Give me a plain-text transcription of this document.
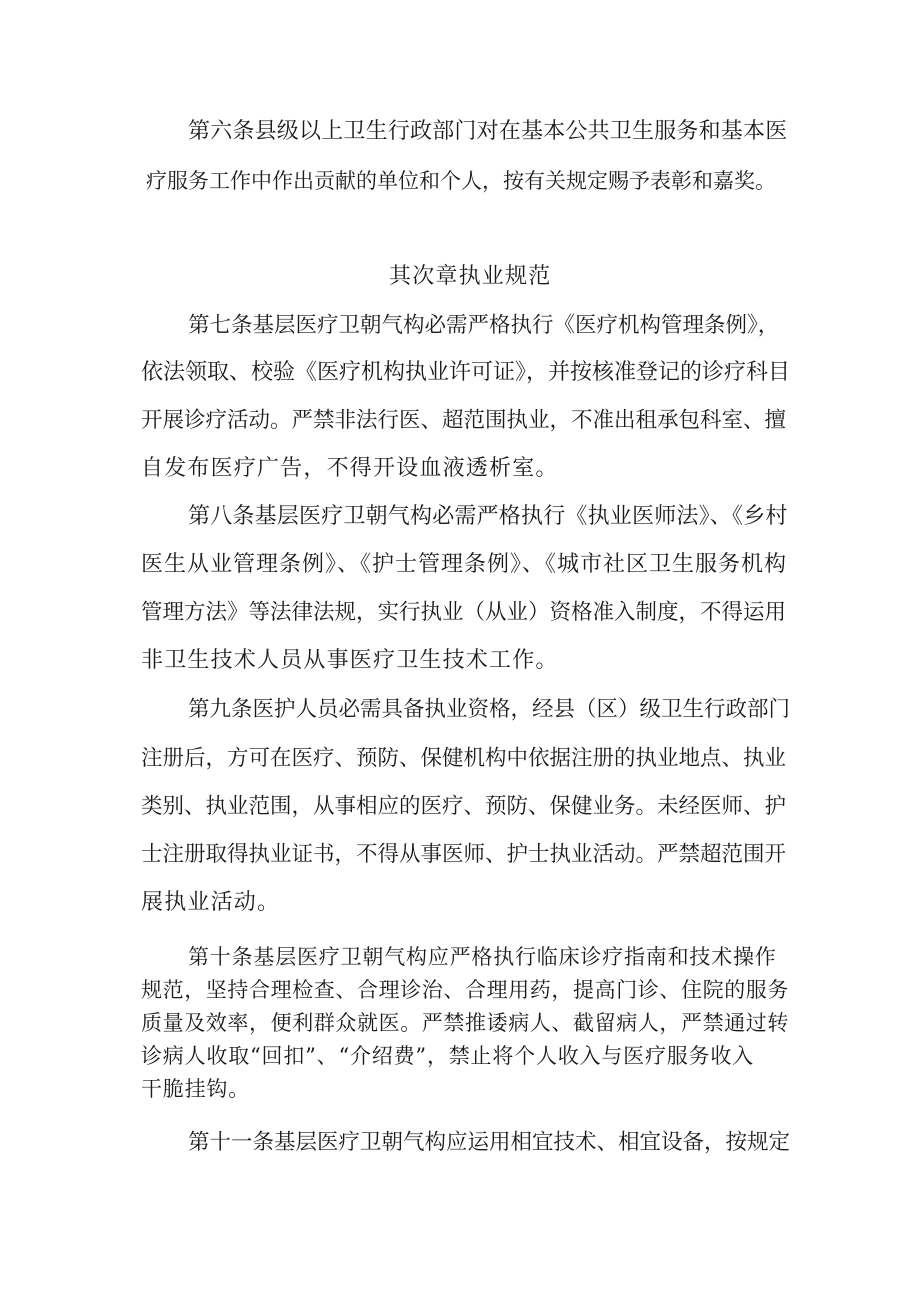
第六条县级以上卫生行政部门对在基本公共卫生服务和基本医
疗服务工作中作出贡献的单位和个人，按有关规定赐予表彰和嘉奖。
其次章执业规范
第七条基层医疗卫朝气构必需严格执行《医疗机构管理条例》，
依法领取、校验《医疗机构执业许可证》，并按核准登记的诊疗科目
开展诊疗活动。严禁非法行医、超范围执业，不准出租承包科室、擅
自发布医疗广告，不得开设血液透析室。
第八条基层医疗卫朝气构必需严格执行《执业医师法》、《乡村
医生从业管理条例》、《护士管理条例》、《城市社区卫生服务机构
管理方法》等法律法规，实行执业（从业）资格准入制度，不得运用
非卫生技术人员从事医疗卫生技术工作。
第九条医护人员必需具备执业资格，经县（区）级卫生行政部门
注册后，方可在医疗、预防、保健机构中依据注册的执业地点、执业
类别、执业范围，从事相应的医疗、预防、保健业务。未经医师、护
士注册取得执业证书，不得从事医师、护士执业活动。严禁超范围开
展执业活动。
第十条基层医疗卫朝气构应严格执行临床诊疗指南和技术操作
规范，坚持合理检查、合理诊治、合理用药，提高门诊、住院的服务
质量及效率，便利群众就医。严禁推诿病人、截留病人，严禁通过转
诊病人收取“回扣”、“介绍费”，禁止将个人收入与医疗服务收入
干脆挂钩。
第十一条基层医疗卫朝气构应运用相宜技术、相宜设备，按规定
